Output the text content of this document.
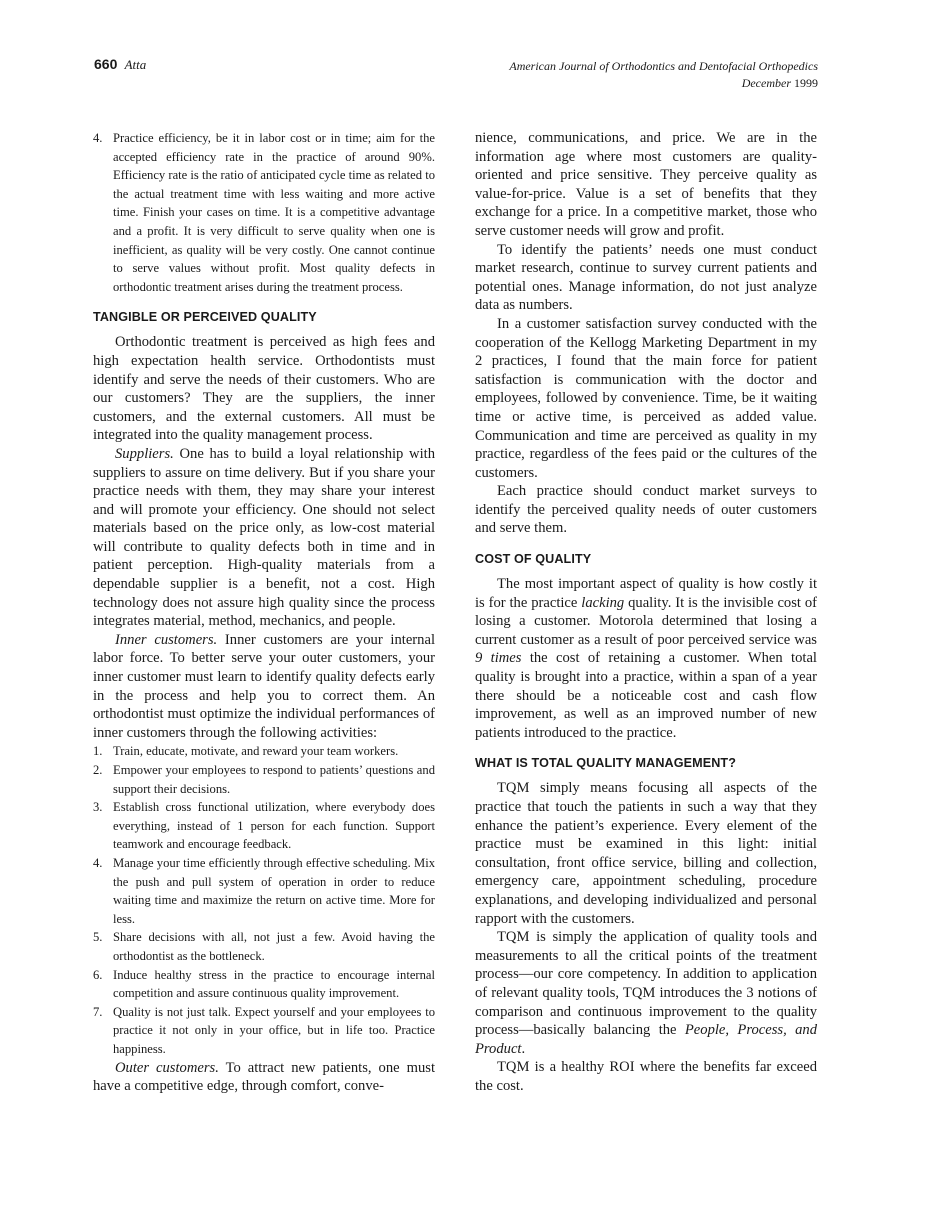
660 Atta	American Journal of Orthodontics and Dentofacial Orthopedics
December 1999
4. Practice efficiency, be it in labor cost or in time; aim for the accepted efficiency rate in the practice of around 90%. Efficiency rate is the ratio of anticipated cycle time as related to the actual treatment time with less waiting and more active time. Finish your cases on time. It is a competitive advantage and a profit. It is very difficult to serve quality when one is inefficient, as quality will be very costly. One cannot continue to serve values without profit. Most quality defects in orthodontic treatment arises during the treatment process.
TANGIBLE OR PERCEIVED QUALITY

Orthodontic treatment is perceived as high fees and high expectation health service. Orthodontists must identify and serve the needs of their customers. Who are our customers? They are the suppliers, the inner customers, and the external customers. All must be integrated into the quality management process.

Suppliers. One has to build a loyal relationship with suppliers to assure on time delivery. But if you share your practice needs with them, they may share your interest and will promote your efficiency. One should not select materials based on the price only, as low-cost material will contribute to quality defects both in time and in patient perception. High-quality materials from a dependable supplier is a benefit, not a cost. High technology does not assure high quality since the process integrates material, method, mechanics, and people.

Inner customers. Inner customers are your internal labor force. To better serve your outer customers, your inner customer must learn to identify quality defects early in the process and help you to correct them. An orthodontist must optimize the individual performances of inner customers through the following activities:

1. Train, educate, motivate, and reward your team workers.
2. Empower your employees to respond to patients’ questions and support their decisions.
3. Establish cross functional utilization, where everybody does everything, instead of 1 person for each function. Support teamwork and encourage feedback.
4. Manage your time efficiently through effective scheduling. Mix the push and pull system of operation in order to reduce waiting time and maximize the return on active time. More for less.
5. Share decisions with all, not just a few. Avoid having the orthodontist as the bottleneck.
6. Induce healthy stress in the practice to encourage internal competition and assure continuous quality improvement.
7. Quality is not just talk. Expect yourself and your employees to practice it not only in your office, but in life too. Practice happiness.

Outer customers. To attract new patients, one must have a competitive edge, through comfort, conve-

nience, communications, and price. We are in the information age where most customers are quality-oriented and price sensitive. They perceive quality as value-for-price. Value is a set of benefits that they exchange for a price. In a competitive market, those who serve customer needs will grow and profit.

To identify the patients’ needs one must conduct market research, continue to survey current patients and potential ones. Manage information, do not just analyze data as numbers.

In a customer satisfaction survey conducted with the cooperation of the Kellogg Marketing Department in my 2 practices, I found that the main force for patient satisfaction is communication with the doctor and employees, followed by convenience. Time, be it waiting time or active time, is perceived as added value. Communication and time are perceived as quality in my practice, regardless of the fees paid or the cultures of the customers.

Each practice should conduct market surveys to identify the perceived quality needs of outer customers and serve them.

COST OF QUALITY

The most important aspect of quality is how costly it is for the practice lacking quality. It is the invisible cost of losing a customer. Motorola determined that losing a current customer as a result of poor perceived service was 9 times the cost of retaining a customer. When total quality is brought into a practice, within a span of a year there should be a noticeable cost and cash flow improvement, as well as an improved number of new patients introduced to the practice.

WHAT IS TOTAL QUALITY MANAGEMENT?

TQM simply means focusing all aspects of the practice that touch the patients in such a way that they enhance the patient’s experience. Every element of the practice must be examined in this light: initial consultation, front office service, billing and collection, emergency care, appointment scheduling, procedure explanations, and developing individualized and personal rapport with the customers.

TQM is simply the application of quality tools and measurements to all the critical points of the treatment process—our core competency. In addition to application of relevant quality tools, TQM introduces the 3 notions of comparison and continuous improvement to the quality process—basically balancing the People, Process, and Product.

TQM is a healthy ROI where the benefits far exceed the cost.
